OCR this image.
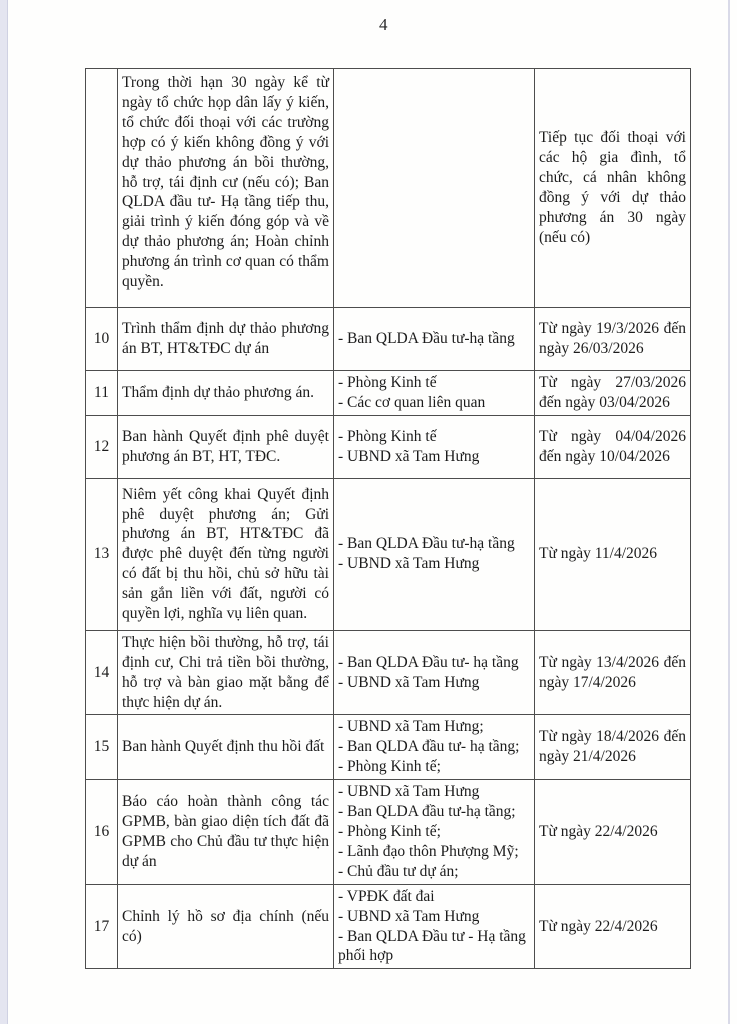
4
	Trong thời hạn 30 ngày kể từ ngày tổ chức họp dân lấy ý kiến, tổ chức đối thoại với các trường hợp có ý kiến không đồng ý với dự thảo phương án bồi thường, hỗ trợ, tái định cư (nếu có); Ban QLDA đầu tư- Hạ tầng tiếp thu, giải trình ý kiến đóng góp và về dự thảo phương án; Hoàn chỉnh phương án trình cơ quan có thẩm quyền.		Tiếp tục đối thoại với các hộ gia đình, tổ chức, cá nhân không đồng ý với dự thảo phương án 30 ngày (nếu có)
10	Trình thẩm định dự thảo phương án BT, HT&TĐC dự án	- Ban QLDA Đầu tư-hạ tầng	Từ ngày 19/3/2026 đến ngày 26/03/2026
11	Thẩm định dự thảo phương án.	- Phòng Kinh tế
- Các cơ quan liên quan	Từ ngày 27/03/2026 đến ngày 03/04/2026
12	Ban hành Quyết định phê duyệt phương án BT, HT, TĐC.	- Phòng Kinh tế
- UBND xã Tam Hưng	Từ ngày 04/04/2026 đến ngày 10/04/2026
13	Niêm yết công khai Quyết định phê duyệt phương án; Gửi phương án BT, HT&TĐC đã được phê duyệt đến từng người có đất bị thu hồi, chủ sở hữu tài sản gắn liền với đất, người có quyền lợi, nghĩa vụ liên quan.	- Ban QLDA Đầu tư-hạ tầng
- UBND xã Tam Hưng	Từ ngày 11/4/2026
14	Thực hiện bồi thường, hỗ trợ, tái định cư, Chi trả tiền bồi thường, hỗ trợ và bàn giao mặt bằng để thực hiện dự án.	- Ban QLDA Đầu tư- hạ tầng
- UBND xã Tam Hưng	Từ ngày 13/4/2026 đến ngày 17/4/2026
15	Ban hành Quyết định thu hồi đất	- UBND xã Tam Hưng;
- Ban QLDA đầu tư- hạ tầng;
- Phòng Kinh tế;	Từ ngày 18/4/2026 đến ngày 21/4/2026
16	Báo cáo hoàn thành công tác GPMB, bàn giao diện tích đất đã GPMB cho Chủ đầu tư thực hiện dự án	- UBND xã Tam Hưng
- Ban QLDA đầu tư-hạ tầng;
- Phòng Kinh tế;
- Lãnh đạo thôn Phượng Mỹ;
- Chủ đầu tư dự án;	Từ ngày 22/4/2026
17	Chỉnh lý hồ sơ địa chính (nếu có)	- VPĐK đất đai
- UBND xã Tam Hưng
- Ban QLDA Đầu tư - Hạ tầng phối hợp	Từ ngày 22/4/2026
